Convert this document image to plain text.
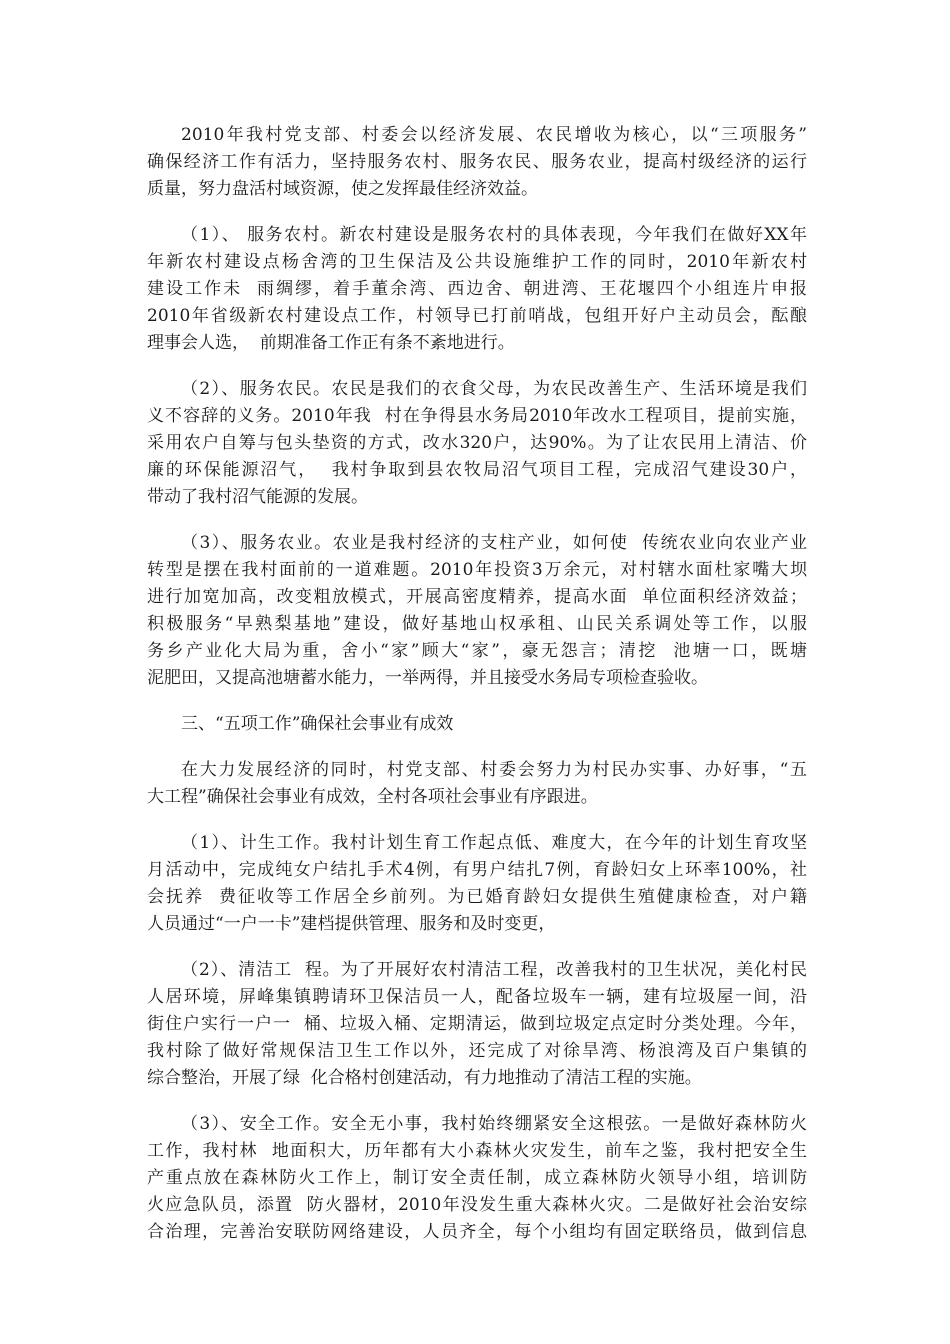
2010年我村党支部、村委会以经济发展、农民增收为核心，以“三项服务”
确保经济工作有活力，坚持服务农村、服务农民、服务农业，提高村级经济的运行
质量，努力盘活村域资源，使之发挥最佳经济效益。
（1）、 服务农村。新农村建设是服务农村的具体表现，今年我们在做好XX年
年新农村建设点杨舍湾的卫生保洁及公共设施维护工作的同时，2010年新农村
建设工作未  雨绸缪，着手董余湾、西边舍、朝进湾、王花堰四个小组连片申报
2010年省级新农村建设点工作，村领导已打前哨战，包组开好户主动员会，酝酿
理事会人选，  前期准备工作正有条不紊地进行。
（2）、服务农民。农民是我们的衣食父母，为农民改善生产、生活环境是我们
义不容辞的义务。2010年我  村在争得县水务局2010年改水工程项目，提前实施，
采用农户自筹与包头垫资的方式，改水320户，达90%。为了让农民用上清洁、价
廉的环保能源沼气，  我村争取到县农牧局沼气项目工程，完成沼气建设30户，
带动了我村沼气能源的发展。
（3）、服务农业。农业是我村经济的支柱产业，如何使  传统农业向农业产业
转型是摆在我村面前的一道难题。2010年投资3万余元，对村辖水面杜家嘴大坝
进行加宽加高，改变粗放模式，开展高密度精养，提高水面  单位面积经济效益；
积极服务“早熟梨基地”建设，做好基地山权承租、山民关系调处等工作，以服
务乡产业化大局为重，舍小“家”顾大“家”，豪无怨言；清挖  池塘一口，既塘
泥肥田，又提高池塘蓄水能力，一举两得，并且接受水务局专项检查验收。
三、“五项工作”确保社会事业有成效
在大力发展经济的同时，村党支部、村委会努力为村民办实事、办好事，“五
大工程”确保社会事业有成效，全村各项社会事业有序跟进。
（1）、计生工作。我村计划生育工作起点低、难度大，在今年的计划生育攻坚
月活动中，完成纯女户结扎手术4例，有男户结扎7例，育龄妇女上环率100%，社
会抚养  费征收等工作居全乡前列。为已婚育龄妇女提供生殖健康检查，对户籍
人员通过“一户一卡”建档提供管理、服务和及时变更，
（2）、清洁工  程。为了开展好农村清洁工程，改善我村的卫生状况，美化村民
人居环境，屏峰集镇聘请环卫保洁员一人，配备垃圾车一辆，建有垃圾屋一间，沿
街住户实行一户一  桶、垃圾入桶、定期清运，做到垃圾定点定时分类处理。今年，
我村除了做好常规保洁卫生工作以外，还完成了对徐旱湾、杨浪湾及百户集镇的
综合整治，开展了绿  化合格村创建活动，有力地推动了清洁工程的实施。
（3）、安全工作。安全无小事，我村始终绷紧安全这根弦。一是做好森林防火
工作，我村林  地面积大，历年都有大小森林火灾发生，前车之鉴，我村把安全生
产重点放在森林防火工作上，制订安全责任制，成立森林防火领导小组，培训防
火应急队员，添置  防火器材，2010年没发生重大森林火灾。二是做好社会治安综
合治理，完善治安联防网络建设，人员齐全，每个小组均有固定联络员，做到信息
